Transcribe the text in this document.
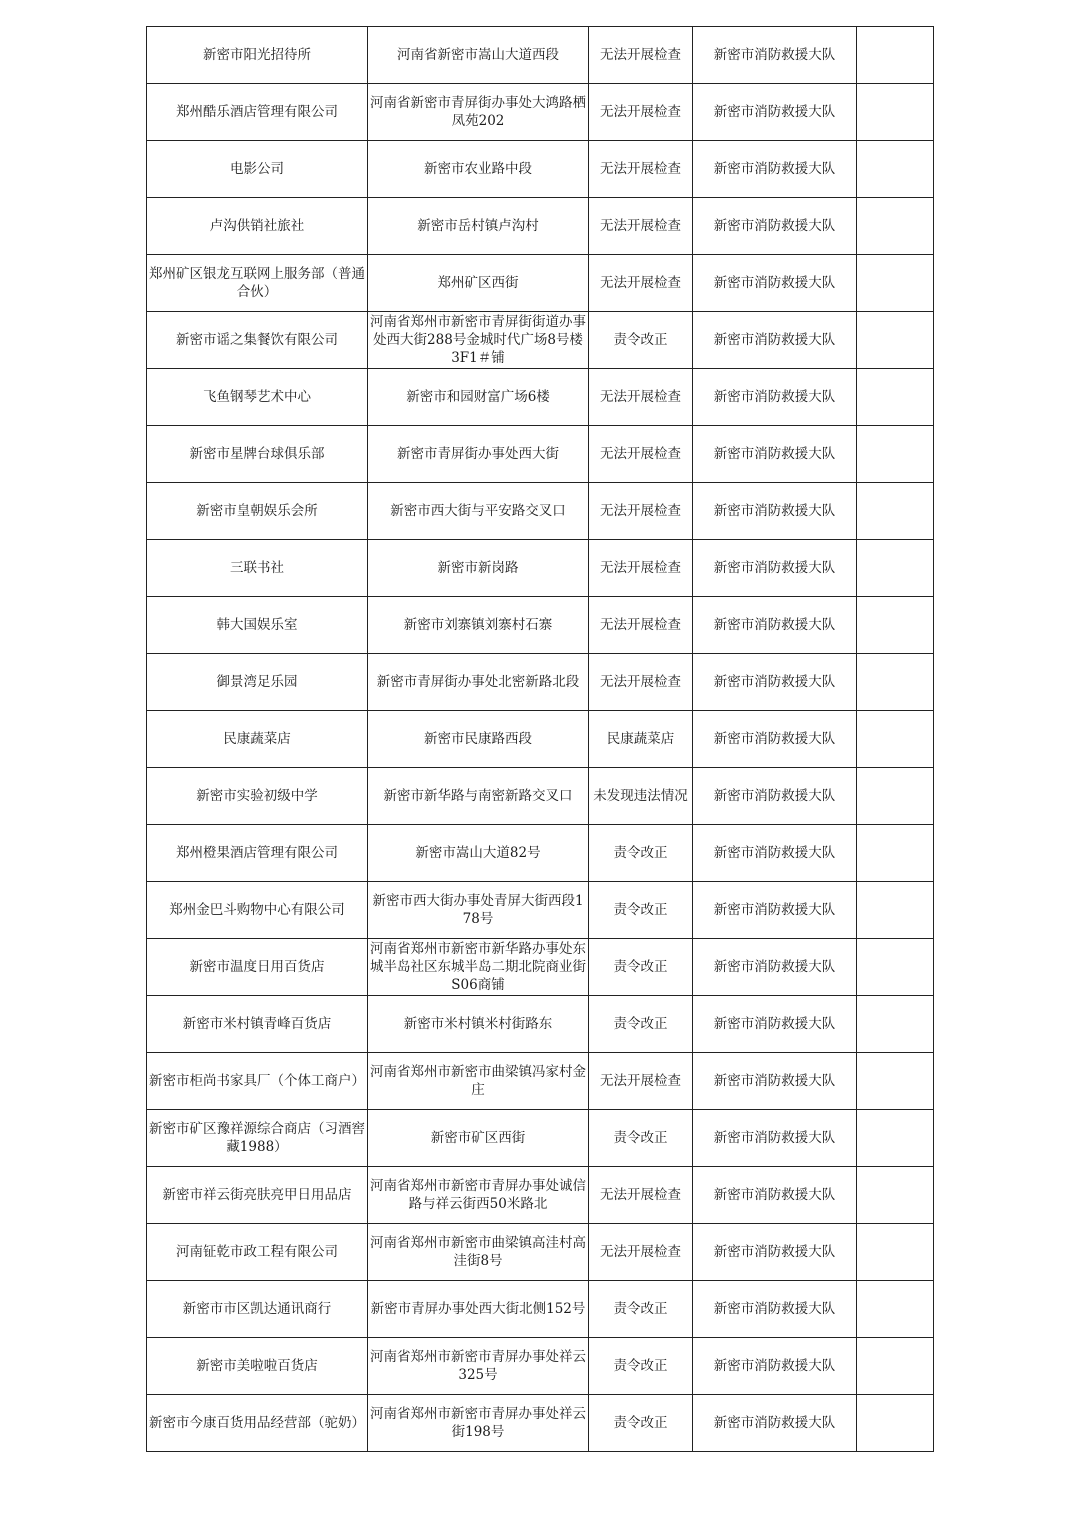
新密市阳光招待所	河南省新密市嵩山大道西段	无法开展检查	新密市消防救援大队	
郑州酷乐酒店管理有限公司	河南省新密市青屏街办事处大鸿路栖凤苑202	无法开展检查	新密市消防救援大队	
电影公司	新密市农业路中段	无法开展检查	新密市消防救援大队	
卢沟供销社旅社	新密市岳村镇卢沟村	无法开展检查	新密市消防救援大队	
郑州矿区银龙互联网上服务部（普通合伙）	郑州矿区西街	无法开展检查	新密市消防救援大队	
新密市谣之集餐饮有限公司	河南省郑州市新密市青屏街街道办事处西大街288号金城时代广场8号楼3F1＃铺	责令改正	新密市消防救援大队	
飞鱼钢琴艺术中心	新密市和园财富广场6楼	无法开展检查	新密市消防救援大队	
新密市星牌台球俱乐部	新密市青屏街办事处西大街	无法开展检查	新密市消防救援大队	
新密市皇朝娱乐会所	新密市西大街与平安路交叉口	无法开展检查	新密市消防救援大队	
三联书社	新密市新岗路	无法开展检查	新密市消防救援大队	
韩大国娱乐室	新密市刘寨镇刘寨村石寨	无法开展检查	新密市消防救援大队	
御景湾足乐园	新密市青屏街办事处北密新路北段	无法开展检查	新密市消防救援大队	
民康蔬菜店	新密市民康路西段	民康蔬菜店	新密市消防救援大队	
新密市实验初级中学	新密市新华路与南密新路交叉口	未发现违法情况	新密市消防救援大队	
郑州橙果酒店管理有限公司	新密市嵩山大道82号	责令改正	新密市消防救援大队	
郑州金巴斗购物中心有限公司	新密市西大街办事处青屏大街西段178号	责令改正	新密市消防救援大队	
新密市温度日用百货店	河南省郑州市新密市新华路办事处东城半岛社区东城半岛二期北院商业街S06商铺	责令改正	新密市消防救援大队	
新密市米村镇青峰百货店	新密市米村镇米村街路东	责令改正	新密市消防救援大队	
新密市柜尚书家具厂（个体工商户）	河南省郑州市新密市曲梁镇冯家村金庄	无法开展检查	新密市消防救援大队	
新密市矿区豫祥源综合商店（习酒窖藏1988）	新密市矿区西街	责令改正	新密市消防救援大队	
新密市祥云街亮肤亮甲日用品店	河南省郑州市新密市青屏办事处诚信路与祥云街西50米路北	无法开展检查	新密市消防救援大队	
河南钲乾市政工程有限公司	河南省郑州市新密市曲梁镇高洼村高洼街8号	无法开展检查	新密市消防救援大队	
新密市市区凯达通讯商行	新密市青屏办事处西大街北侧152号	责令改正	新密市消防救援大队	
新密市美啦啦百货店	河南省郑州市新密市青屏办事处祥云325号	责令改正	新密市消防救援大队	
新密市今康百货用品经营部（驼奶）	河南省郑州市新密市青屏办事处祥云街198号	责令改正	新密市消防救援大队	
